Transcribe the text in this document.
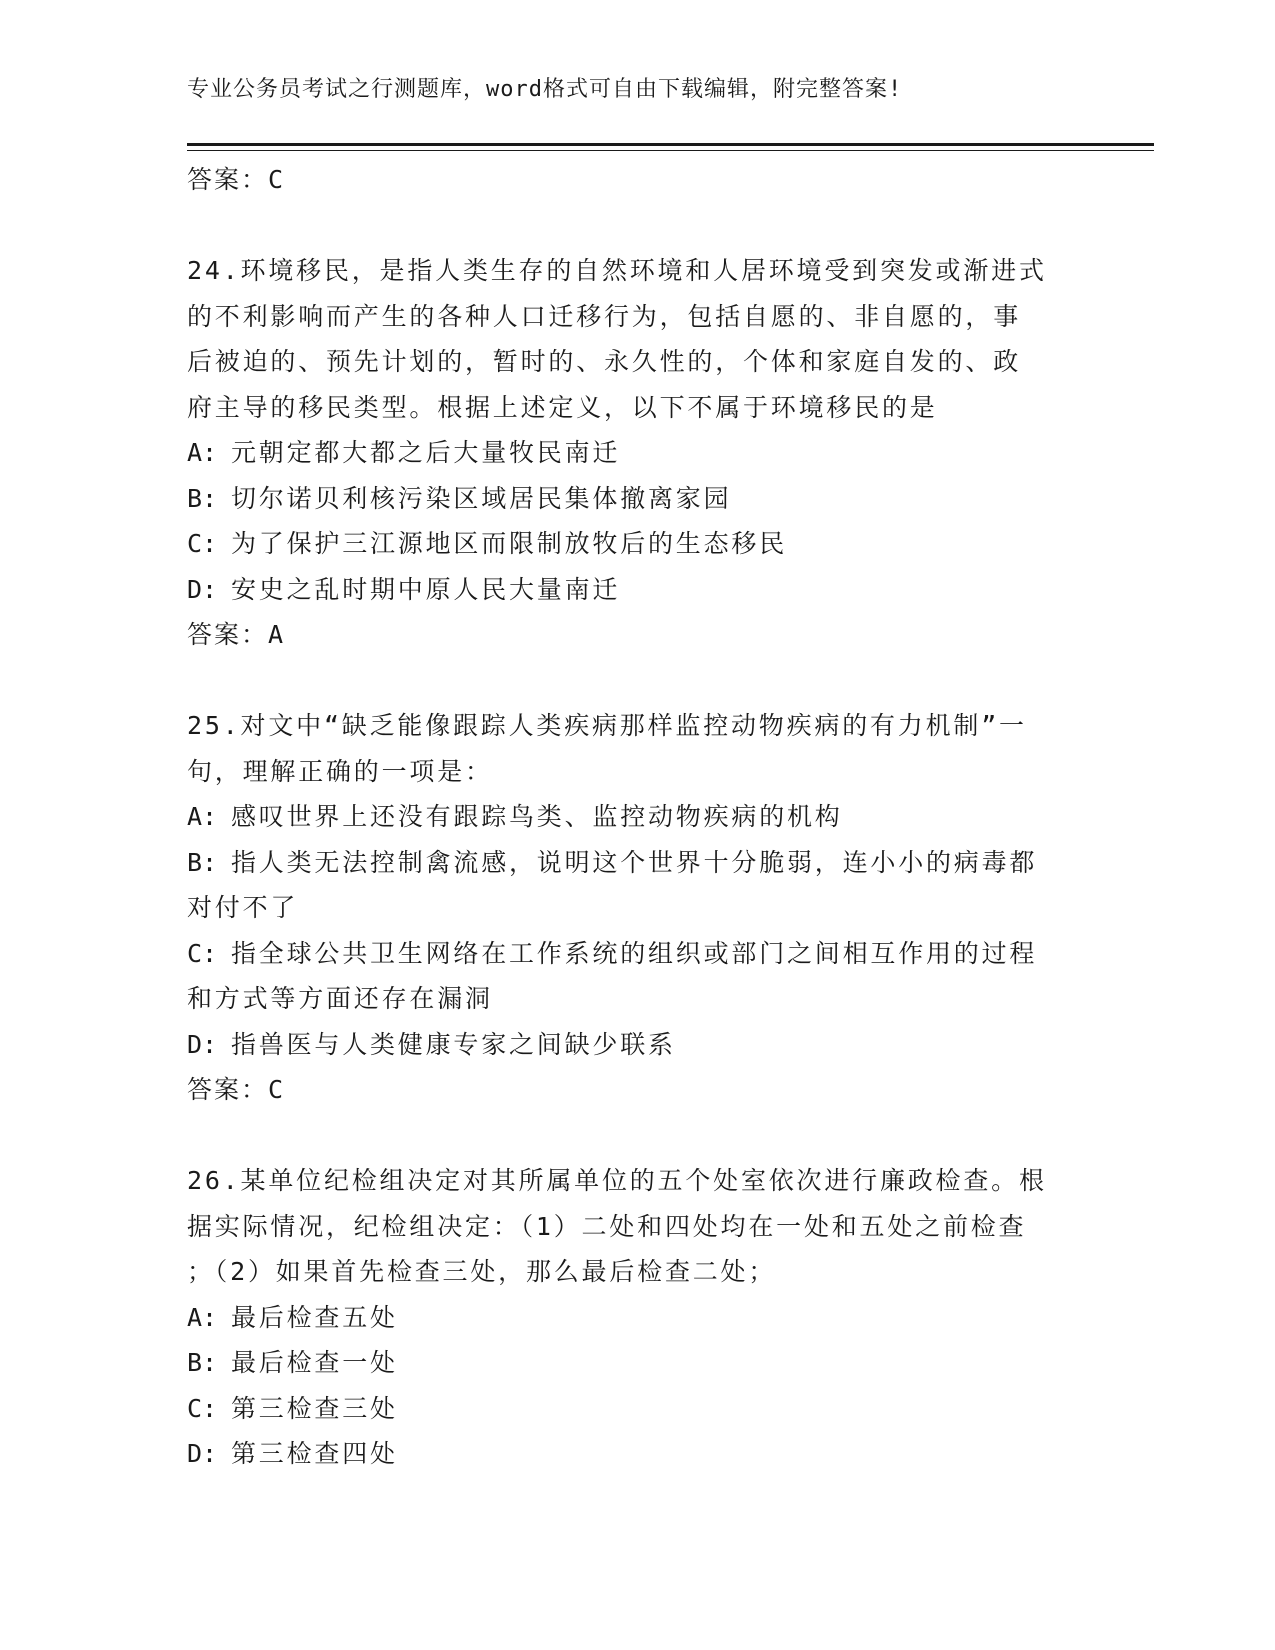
专业公务员考试之行测题库，word格式可自由下载编辑，附完整答案!
答案：C
24.环境移民，是指人类生存的自然环境和人居环境受到突发或渐进式
的不利影响而产生的各种人口迁移行为，包括自愿的、非自愿的，事
后被迫的、预先计划的，暂时的、永久性的，个体和家庭自发的、政
府主导的移民类型。根据上述定义，以下不属于环境移民的是
A: 元朝定都大都之后大量牧民南迁
B: 切尔诺贝利核污染区域居民集体撤离家园
C: 为了保护三江源地区而限制放牧后的生态移民
D: 安史之乱时期中原人民大量南迁
答案：A
25.对文中“缺乏能像跟踪人类疾病那样监控动物疾病的有力机制”一
句，理解正确的一项是：
A: 感叹世界上还没有跟踪鸟类、监控动物疾病的机构
B: 指人类无法控制禽流感，说明这个世界十分脆弱，连小小的病毒都
对付不了
C: 指全球公共卫生网络在工作系统的组织或部门之间相互作用的过程
和方式等方面还存在漏洞
D: 指兽医与人类健康专家之间缺少联系
答案：C
26.某单位纪检组决定对其所属单位的五个处室依次进行廉政检查。根
据实际情况，纪检组决定：（1）二处和四处均在一处和五处之前检查
；（2）如果首先检查三处，那么最后检查二处；
A: 最后检查五处
B: 最后检查一处
C: 第三检查三处
D: 第三检查四处
